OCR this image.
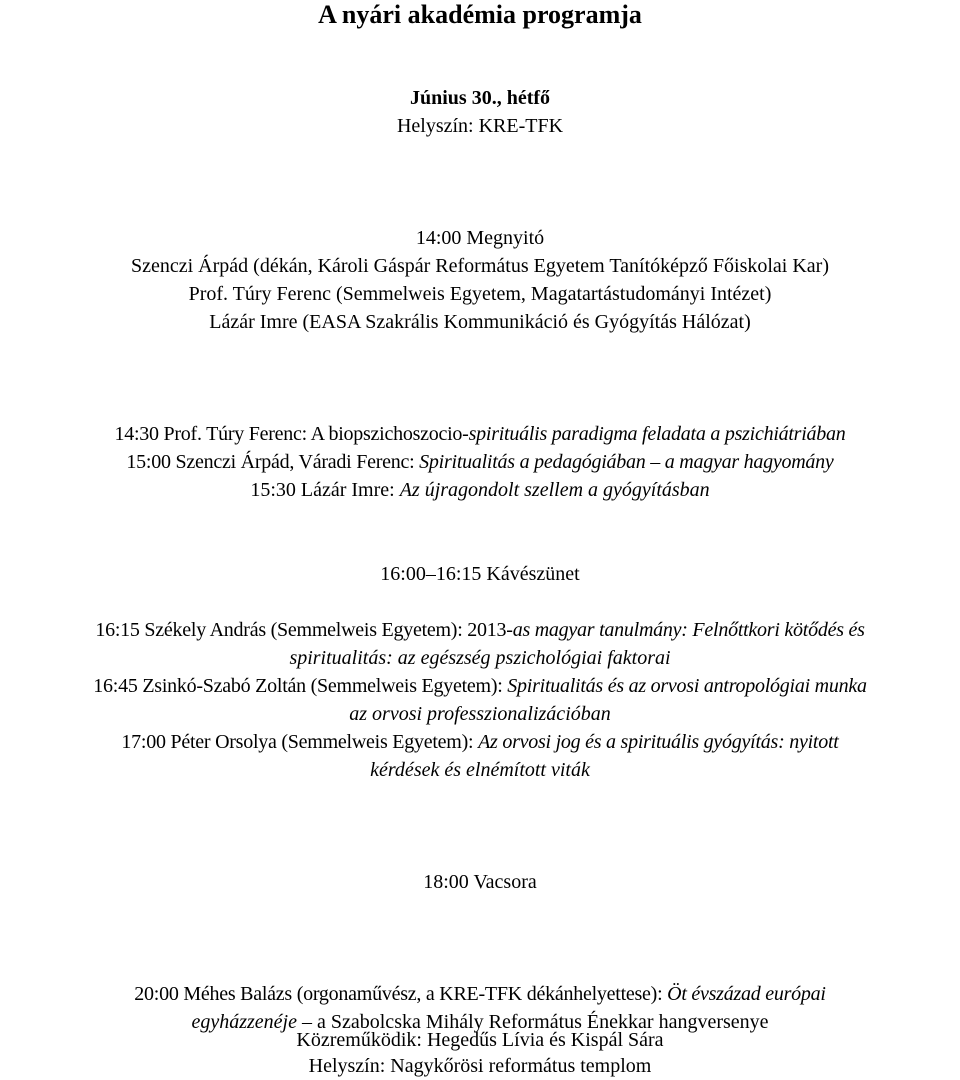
A nyári akadémia programja
Június 30., hétfő
Helyszín: KRE-TFK
14:00 Megnyitó
Szenczi Árpád (dékán, Károli Gáspár Református Egyetem Tanítóképző Főiskolai Kar)
Prof. Túry Ferenc (Semmelweis Egyetem, Magatartástudományi Intézet)
Lázár Imre (EASA Szakrális Kommunikáció és Gyógyítás Hálózat)
14:30 Prof. Túry Ferenc: A biopszichoszocio-spirituális paradigma feladata a pszichiátriában
15:00 Szenczi Árpád, Váradi Ferenc: Spiritualitás a pedagógiában – a magyar hagyomány
15:30 Lázár Imre: Az újragondolt szellem a gyógyításban
16:00–16:15 Kávészünet
16:15 Székely András (Semmelweis Egyetem): 2013-as magyar tanulmány: Felnőttkori kötődés és
spiritualitás: az egészség pszichológiai faktorai
16:45 Zsinkó-Szabó Zoltán (Semmelweis Egyetem): Spiritualitás és az orvosi antropológiai munka
az orvosi professzionalizációban
17:00 Péter Orsolya (Semmelweis Egyetem): Az orvosi jog és a spirituális gyógyítás: nyitott
kérdések és elnémított viták
18:00 Vacsora
20:00 Méhes Balázs (orgonaművész, a KRE-TFK dékánhelyettese): Öt évszázad európai
egyházzenéje – a Szabolcska Mihály Református Énekkar hangversenye
Közreműködik: Hegedűs Lívia és Kispál Sára
Helyszín: Nagykőrösi református templom
